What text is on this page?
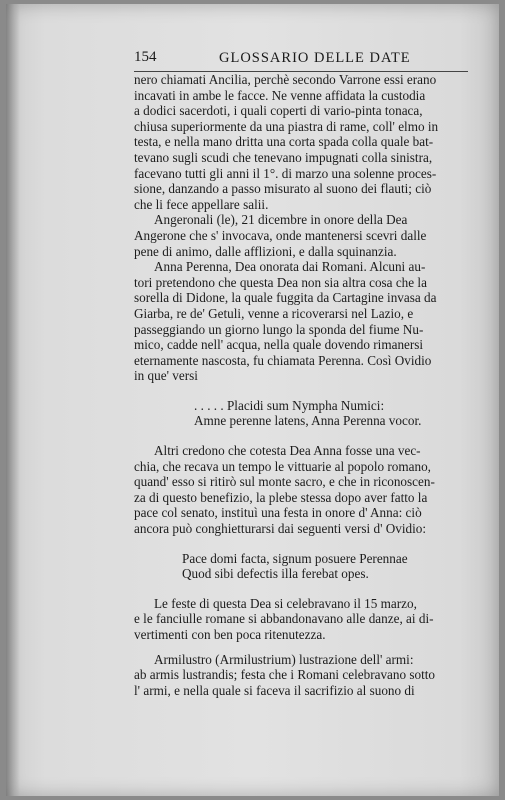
154	GLOSSARIO DELLE DATE
nero chiamati Ancilia, perchè secondo Varrone essi erano
incavati in ambe le facce. Ne venne affidata la custodia
a dodici sacerdoti, i quali coperti di vario-pinta tonaca,
chiusa superiormente da una piastra di rame, coll' elmo in
testa, e nella mano dritta una corta spada colla quale bat-
tevano sugli scudi che tenevano impugnati colla sinistra,
facevano tutti gli anni il 1°. di marzo una solenne proces-
sione, danzando a passo misurato al suono dei flauti; ciò
che li fece appellare salii.
Angeronali (le), 21 dicembre in onore della Dea
Angerone che s' invocava, onde mantenersi scevri dalle
pene di animo, dalle afflizioni, e dalla squinanzia.
Anna Perenna, Dea onorata dai Romani. Alcuni au-
tori pretendono che questa Dea non sia altra cosa che la
sorella di Didone, la quale fuggita da Cartagine invasa da
Giarba, re de' Getuli, venne a ricoverarsi nel Lazio, e
passeggiando un giorno lungo la sponda del fiume Nu-
mico, cadde nell' acqua, nella quale dovendo rimanersi
eternamente nascosta, fu chiamata Perenna. Così Ovidio
in que' versi
. . . . . Placidi sum Nympha Numici:
Amne perenne latens, Anna Perenna vocor.
Altri credono che cotesta Dea Anna fosse una vec-
chia, che recava un tempo le vittuarie al popolo romano,
quand' esso si ritirò sul monte sacro, e che in riconoscen-
za di questo benefizio, la plebe stessa dopo aver fatto la
pace col senato, instituì una festa in onore d' Anna: ciò
ancora può conghietturarsi dai seguenti versi d' Ovidio:
Pace domi facta, signum posuere Perennae
Quod sibi defectis illa ferebat opes.
Le feste di questa Dea si celebravano il 15 marzo,
e le fanciulle romane si abbandonavano alle danze, ai di-
vertimenti con ben poca ritenutezza.
Armilustro (Armilustrium) lustrazione dell' armi:
ab armis lustrandis; festa che i Romani celebravano sotto
l' armi, e nella quale si faceva il sacrifizio al suono di
